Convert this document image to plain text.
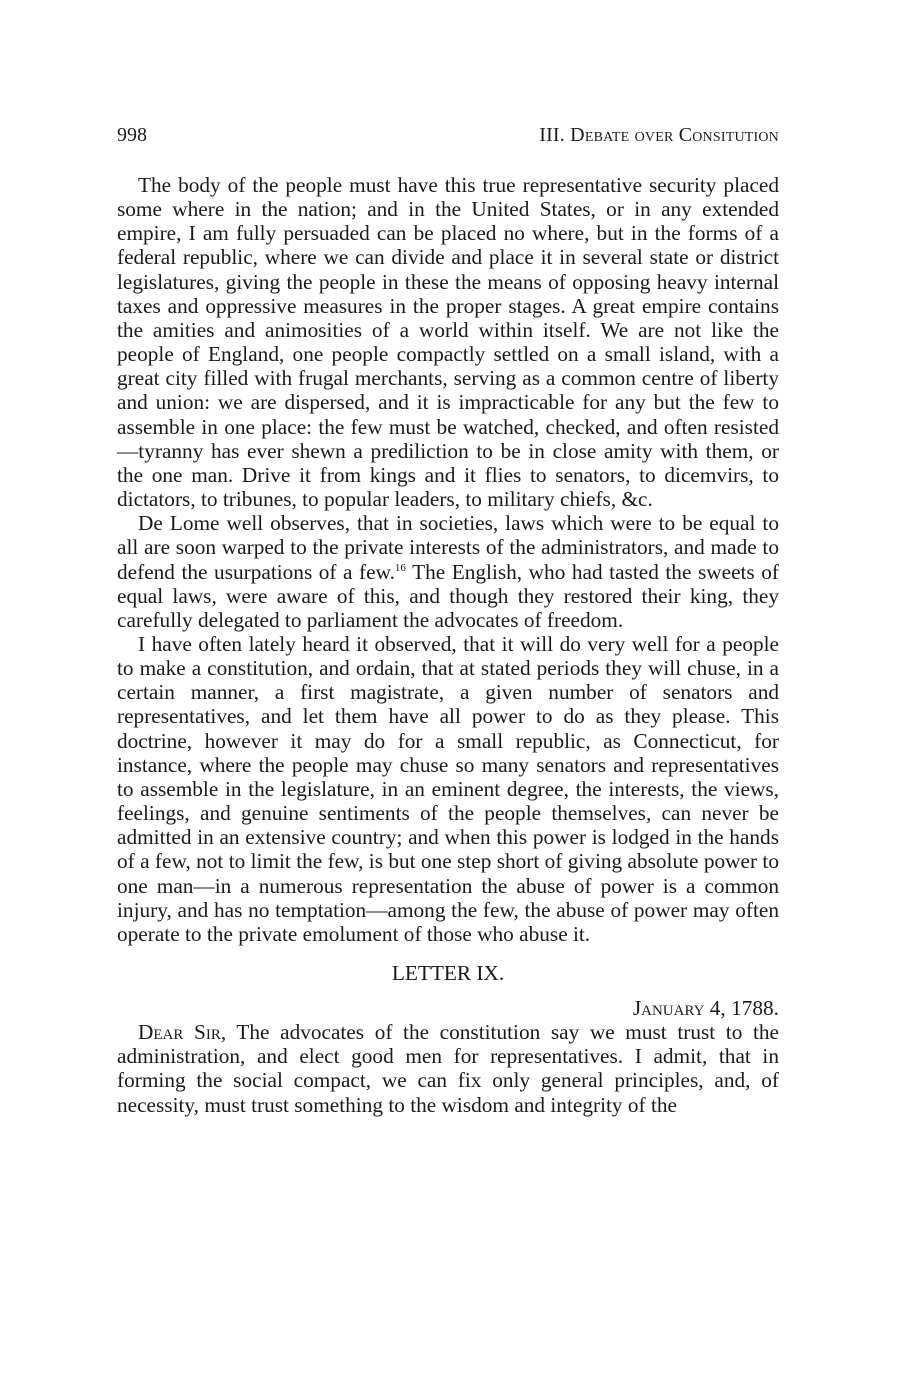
998	III. Debate over Consitution

The body of the people must have this true representative security placed some where in the nation; and in the United States, or in any extended empire, I am fully persuaded can be placed no where, but in the forms of a federal republic, where we can divide and place it in several state or district legislatures, giving the people in these the means of opposing heavy internal taxes and oppressive measures in the proper stages. A great empire contains the amities and animosities of a world within itself. We are not like the people of England, one people compactly settled on a small island, with a great city filled with frugal merchants, serving as a common centre of liberty and union: we are dispersed, and it is impracticable for any but the few to assemble in one place: the few must be watched, checked, and often resisted—tyranny has ever shewn a prediliction to be in close amity with them, or the one man. Drive it from kings and it flies to senators, to dicemvirs, to dictators, to tribunes, to popular leaders, to military chiefs, &c.

De Lome well observes, that in societies, laws which were to be equal to all are soon warped to the private interests of the administrators, and made to defend the usurpations of a few.$^{16}$ The English, who had tasted the sweets of equal laws, were aware of this, and though they restored their king, they carefully delegated to parliament the advocates of freedom.

I have often lately heard it observed, that it will do very well for a people to make a constitution, and ordain, that at stated periods they will chuse, in a certain manner, a first magistrate, a given number of senators and representatives, and let them have all power to do as they please. This doctrine, however it may do for a small republic, as Connecticut, for instance, where the people may chuse so many senators and representatives to assemble in the legislature, in an eminent degree, the interests, the views, feelings, and genuine sentiments of the people themselves, can never be admitted in an extensive country; and when this power is lodged in the hands of a few, not to limit the few, is but one step short of giving absolute power to one man—in a numerous representation the abuse of power is a common injury, and has no temptation—among the few, the abuse of power may often operate to the private emolument of those who abuse it.

LETTER IX.
January 4, 1788.

Dear Sir, The advocates of the constitution say we must trust to the administration, and elect good men for representatives. I admit, that in forming the social compact, we can fix only general principles, and, of necessity, must trust something to the wisdom and integrity of the
